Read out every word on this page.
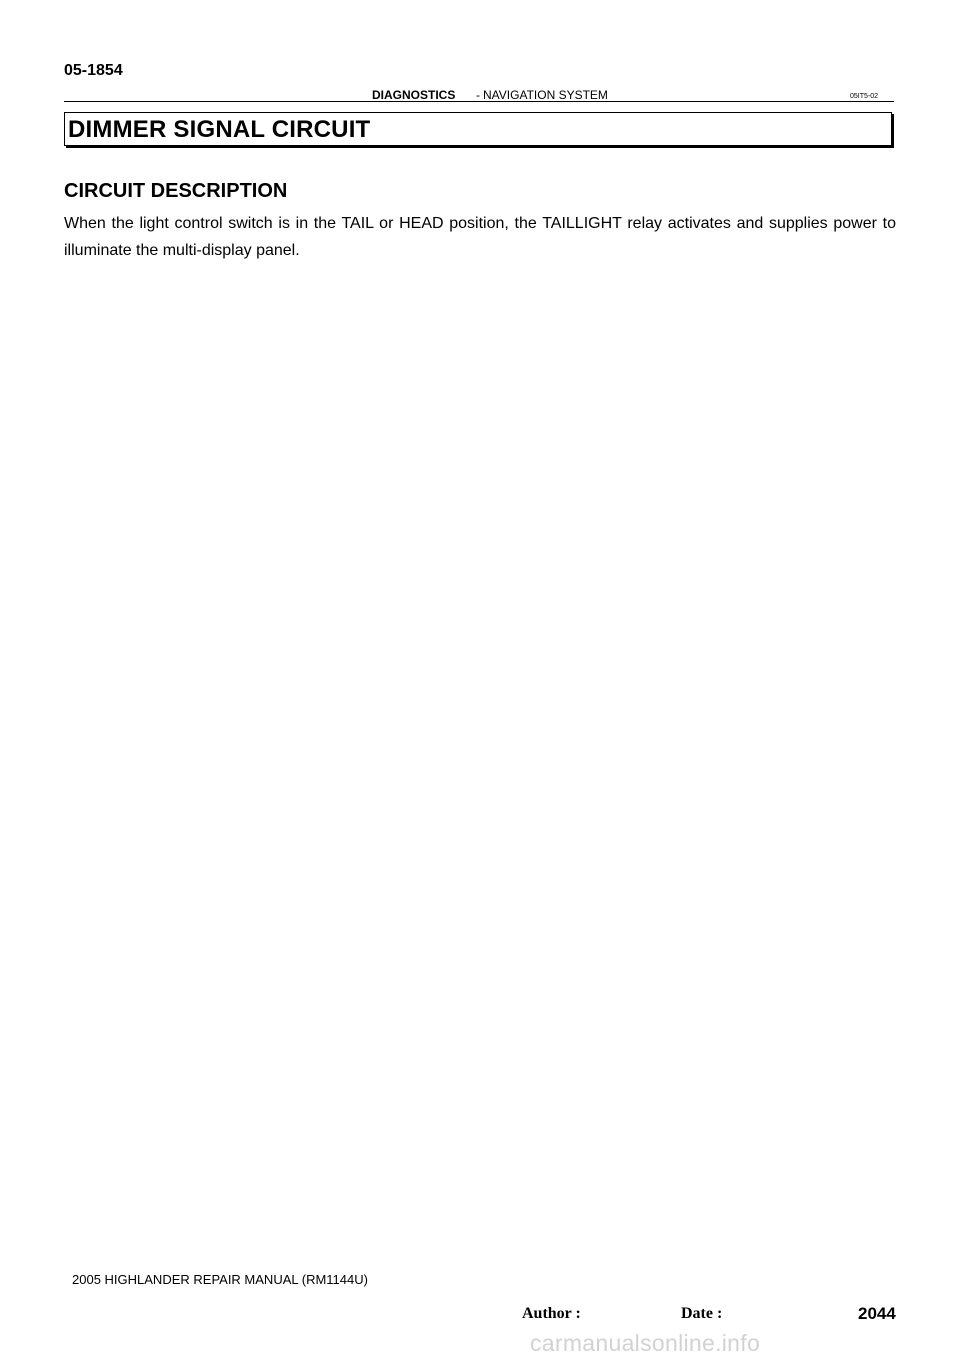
05-1854
DIAGNOSTICS - NAVIGATION SYSTEM	05IT5-02
DIMMER SIGNAL CIRCUIT
CIRCUIT DESCRIPTION
When the light control switch is in the TAIL or HEAD position, the TAILLIGHT relay activates and supplies power to illuminate the multi-display panel.
2005 HIGHLANDER REPAIR MANUAL (RM1144U)
Author :	Date :	2044
carmanualsonline.info
